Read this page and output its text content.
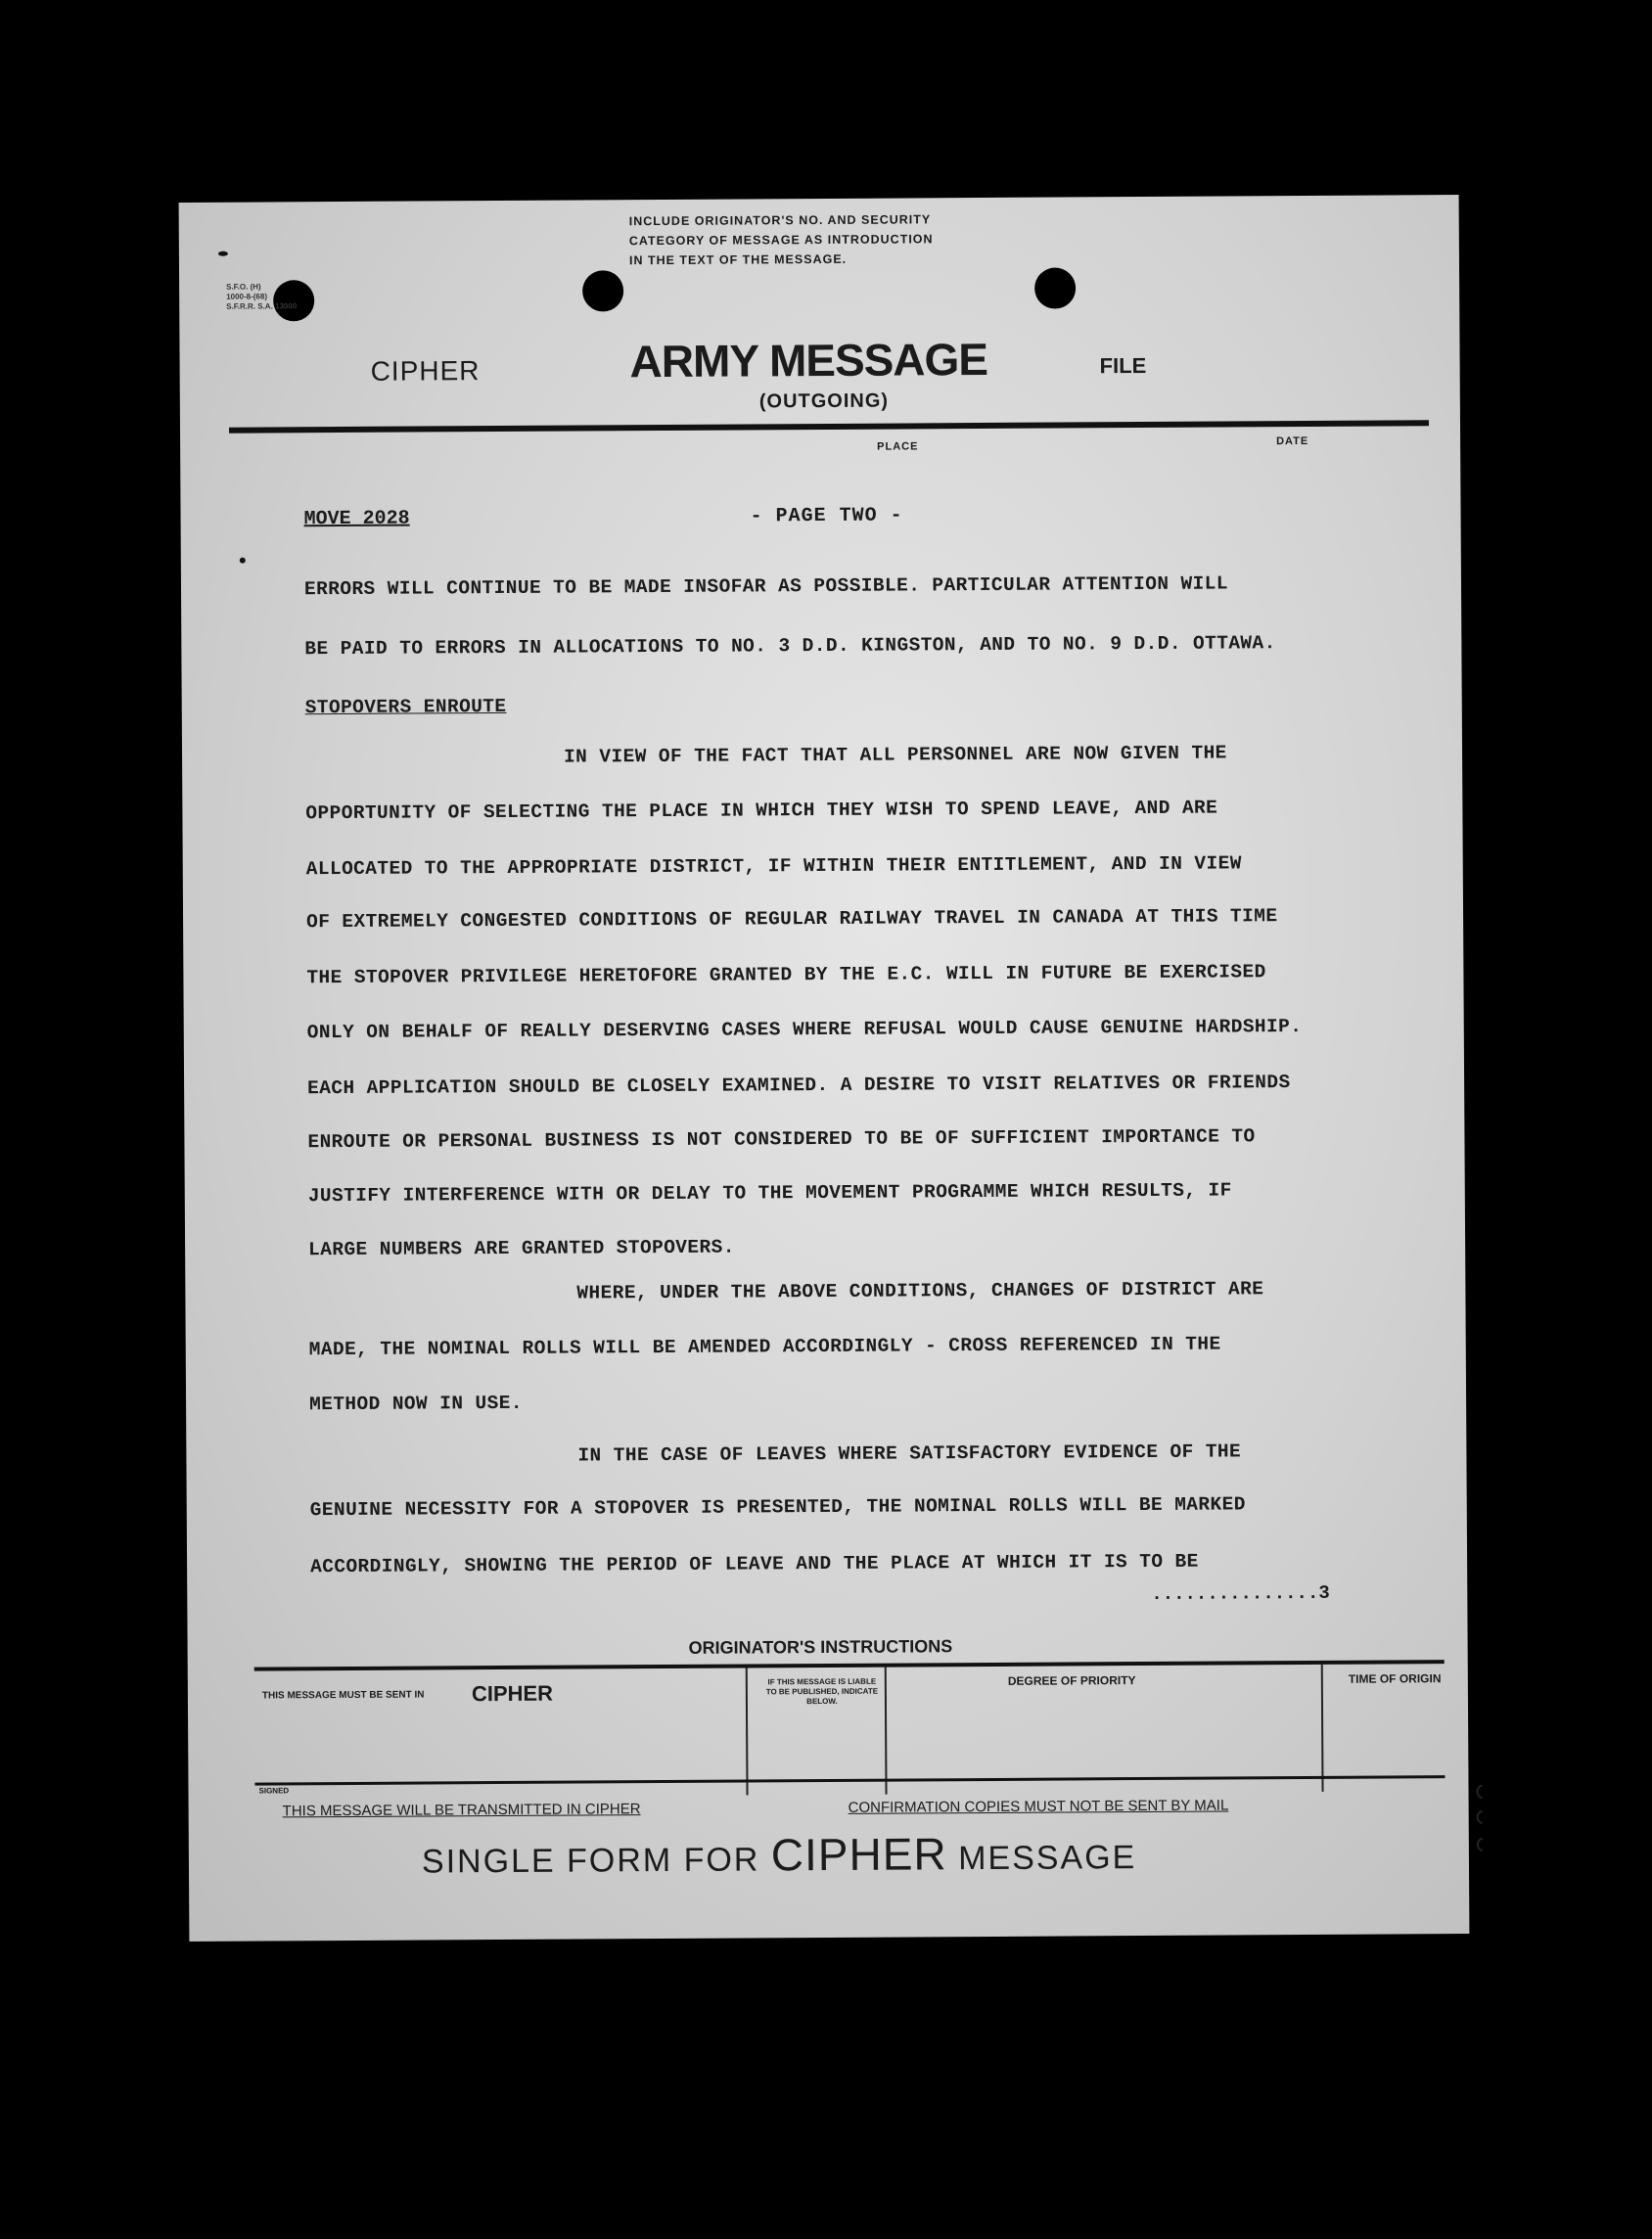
INCLUDE ORIGINATOR'S NO. AND SECURITY
CATEGORY OF MESSAGE AS INTRODUCTION
IN THE TEXT OF THE MESSAGE.
S.F.O. (H)
1000-8-(68)
S.F.R.R. S.A. 13000
CIPHER	ARMY MESSAGE
(OUTGOING)
FILE
PLACE	DATE
MOVE 2028	- PAGE TWO -
ERRORS WILL CONTINUE TO BE MADE INSOFAR AS POSSIBLE. PARTICULAR ATTENTION WILL
BE PAID TO ERRORS IN ALLOCATIONS TO NO. 3 D.D. KINGSTON, AND TO NO. 9 D.D. OTTAWA.
STOPOVERS ENROUTE
IN VIEW OF THE FACT THAT ALL PERSONNEL ARE NOW GIVEN THE
OPPORTUNITY OF SELECTING THE PLACE IN WHICH THEY WISH TO SPEND LEAVE, AND ARE
ALLOCATED TO THE APPROPRIATE DISTRICT, IF WITHIN THEIR ENTITLEMENT, AND IN VIEW
OF EXTREMELY CONGESTED CONDITIONS OF REGULAR RAILWAY TRAVEL IN CANADA AT THIS TIME
THE STOPOVER PRIVILEGE HERETOFORE GRANTED BY THE E.C. WILL IN FUTURE BE EXERCISED
ONLY ON BEHALF OF REALLY DESERVING CASES WHERE REFUSAL WOULD CAUSE GENUINE HARDSHIP.
EACH APPLICATION SHOULD BE CLOSELY EXAMINED. A DESIRE TO VISIT RELATIVES OR FRIENDS
ENROUTE OR PERSONAL BUSINESS IS NOT CONSIDERED TO BE OF SUFFICIENT IMPORTANCE TO
JUSTIFY INTERFERENCE WITH OR DELAY TO THE MOVEMENT PROGRAMME WHICH RESULTS, IF
LARGE NUMBERS ARE GRANTED STOPOVERS.
WHERE, UNDER THE ABOVE CONDITIONS, CHANGES OF DISTRICT ARE
MADE, THE NOMINAL ROLLS WILL BE AMENDED ACCORDINGLY - CROSS REFERENCED IN THE
METHOD NOW IN USE.
IN THE CASE OF LEAVES WHERE SATISFACTORY EVIDENCE OF THE
GENUINE NECESSITY FOR A STOPOVER IS PRESENTED, THE NOMINAL ROLLS WILL BE MARKED
ACCORDINGLY, SHOWING THE PERIOD OF LEAVE AND THE PLACE AT WHICH IT IS TO BE
...............3
ORIGINATOR'S INSTRUCTIONS
THIS MESSAGE MUST BE SENT IN CIPHER	IF THIS MESSAGE IS LIABLE TO BE PUBLISHED, INDICATE BELOW.
DEGREE OF PRIORITY	TIME OF ORIGIN
SIGNED
THIS MESSAGE WILL BE TRANSMITTED IN CIPHER	CONFIRMATION COPIES MUST NOT BE SENT BY MAIL
SINGLE FORM FOR CIPHER MESSAGE
